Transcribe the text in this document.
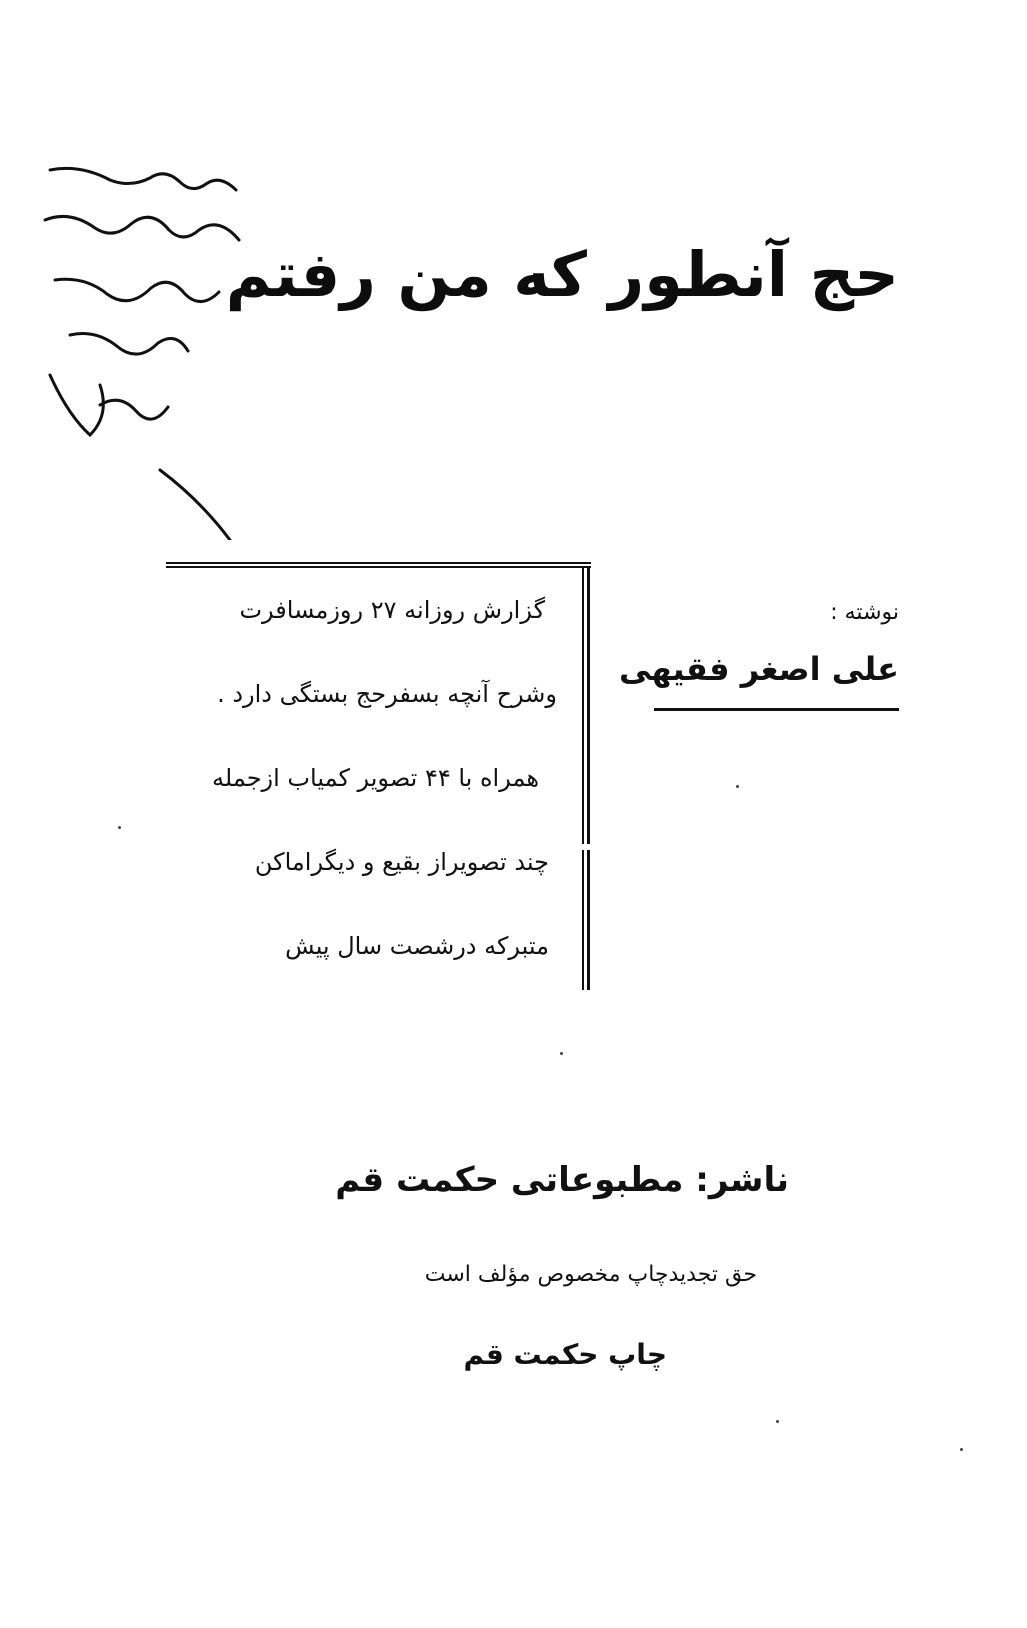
حج آنطور که من رفتم
نوشته :
علی اصغر فقیهی
گزارش روزانه ۲۷ روزمسافرت
وشرح آنچه بسفرحج بستگی دارد .
همراه با ۴۴ تصویر کمیاب ازجمله
چند تصویراز بقیع و دیگراماکن
متبرکه درشصت سال پیش
ناشر: مطبوعاتی حکمت قم
حق تجدیدچاپ مخصوص مؤلف است
چاپ حکمت قم
